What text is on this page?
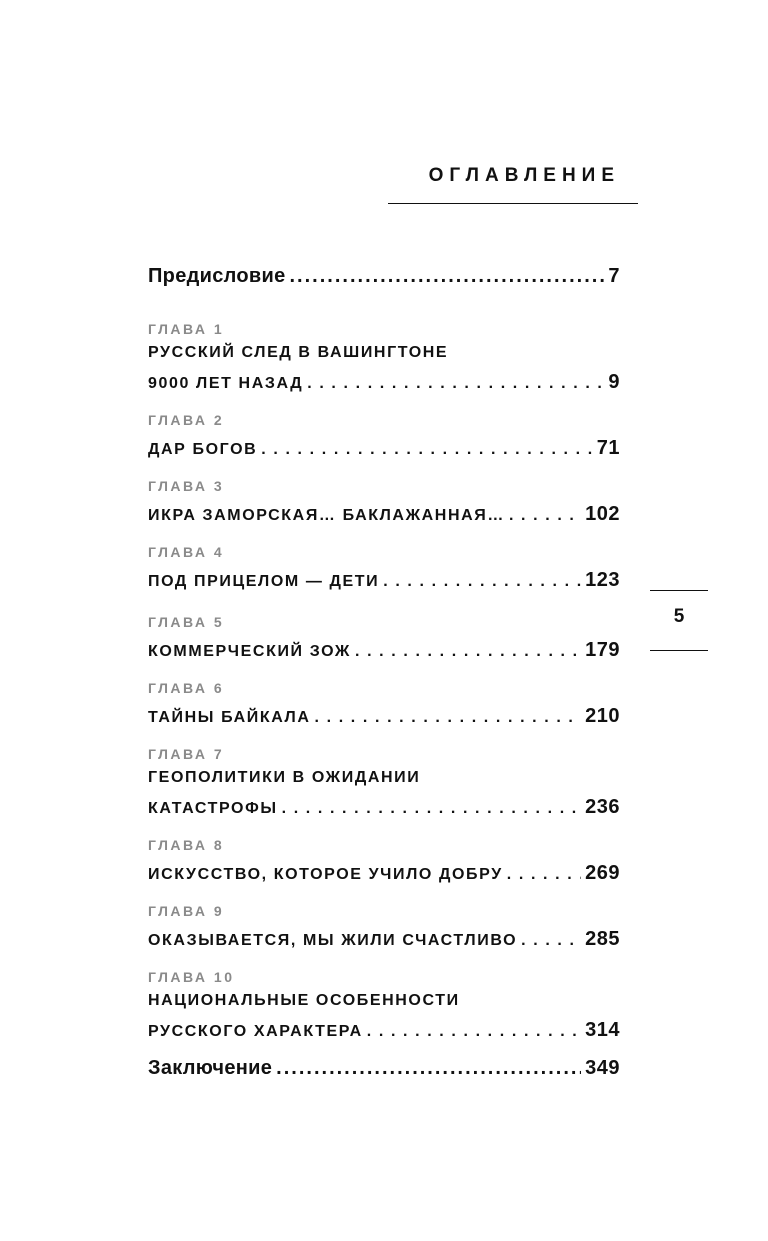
ОГЛАВЛЕНИЕ
Предисловие .....	7
ГЛАВА 1
РУССКИЙ СЛЕД В ВАШИНГТОНЕ
9000 ЛЕТ НАЗАД . . .	9
ГЛАВА 2
ДАР БОГОВ . . .	71
ГЛАВА 3
ИКРА ЗАМОРСКАЯ… БАКЛАЖАННАЯ… . . .	102
ГЛАВА 4
ПОД ПРИЦЕЛОМ — ДЕТИ . . .	123
ГЛАВА 5
КОММЕРЧЕСКИЙ ЗОЖ . . .	179
ГЛАВА 6
ТАЙНЫ БАЙКАЛА . . .	210
ГЛАВА 7
ГЕОПОЛИТИКИ В ОЖИДАНИИ
КАТАСТРОФЫ . . .	236
ГЛАВА 8
ИСКУССТВО, КОТОРОЕ УЧИЛО ДОБРУ . . .	269
ГЛАВА 9
ОКАЗЫВАЕТСЯ, МЫ ЖИЛИ СЧАСТЛИВО . . .	285
ГЛАВА 10
НАЦИОНАЛЬНЫЕ ОСОБЕННОСТИ
РУССКОГО ХАРАКТЕРА . . .	314
Заключение .....	349
5
